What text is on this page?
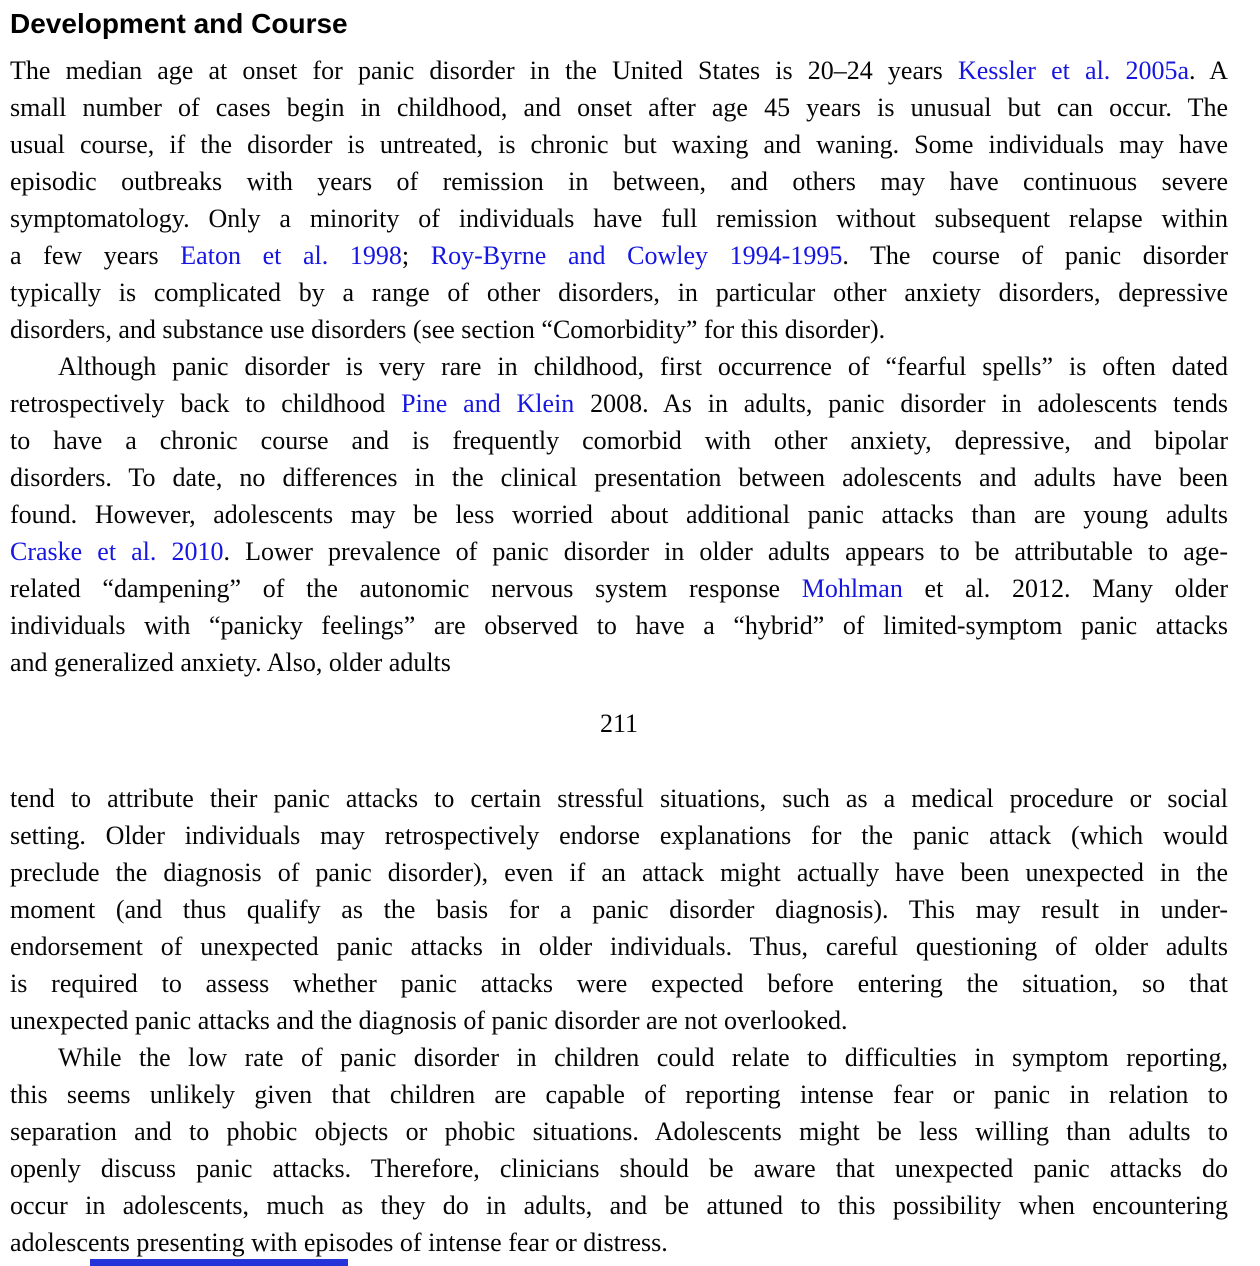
Development and Course
The median age at onset for panic disorder in the United States is 20–24 years Kessler et al. 2005a. A
small number of cases begin in childhood, and onset after age 45 years is unusual but can occur. The
usual course, if the disorder is untreated, is chronic but waxing and waning. Some individuals may have
episodic outbreaks with years of remission in between, and others may have continuous severe
symptomatology. Only a minority of individuals have full remission without subsequent relapse within
a few years Eaton et al. 1998; Roy-Byrne and Cowley 1994-1995. The course of panic disorder
typically is complicated by a range of other disorders, in particular other anxiety disorders, depressive
disorders, and substance use disorders (see section “Comorbidity” for this disorder).
Although panic disorder is very rare in childhood, first occurrence of “fearful spells” is often dated
retrospectively back to childhood Pine and Klein 2008. As in adults, panic disorder in adolescents tends
to have a chronic course and is frequently comorbid with other anxiety, depressive, and bipolar
disorders. To date, no differences in the clinical presentation between adolescents and adults have been
found. However, adolescents may be less worried about additional panic attacks than are young adults
Craske et al. 2010. Lower prevalence of panic disorder in older adults appears to be attributable to age-
related “dampening” of the autonomic nervous system response Mohlman et al. 2012. Many older
individuals with “panicky feelings” are observed to have a “hybrid” of limited-symptom panic attacks
and generalized anxiety. Also, older adults
211
tend to attribute their panic attacks to certain stressful situations, such as a medical procedure or social
setting. Older individuals may retrospectively endorse explanations for the panic attack (which would
preclude the diagnosis of panic disorder), even if an attack might actually have been unexpected in the
moment (and thus qualify as the basis for a panic disorder diagnosis). This may result in under-
endorsement of unexpected panic attacks in older individuals. Thus, careful questioning of older adults
is required to assess whether panic attacks were expected before entering the situation, so that
unexpected panic attacks and the diagnosis of panic disorder are not overlooked.
While the low rate of panic disorder in children could relate to difficulties in symptom reporting,
this seems unlikely given that children are capable of reporting intense fear or panic in relation to
separation and to phobic objects or phobic situations. Adolescents might be less willing than adults to
openly discuss panic attacks. Therefore, clinicians should be aware that unexpected panic attacks do
occur in adolescents, much as they do in adults, and be attuned to this possibility when encountering
adolescents presenting with episodes of intense fear or distress.
